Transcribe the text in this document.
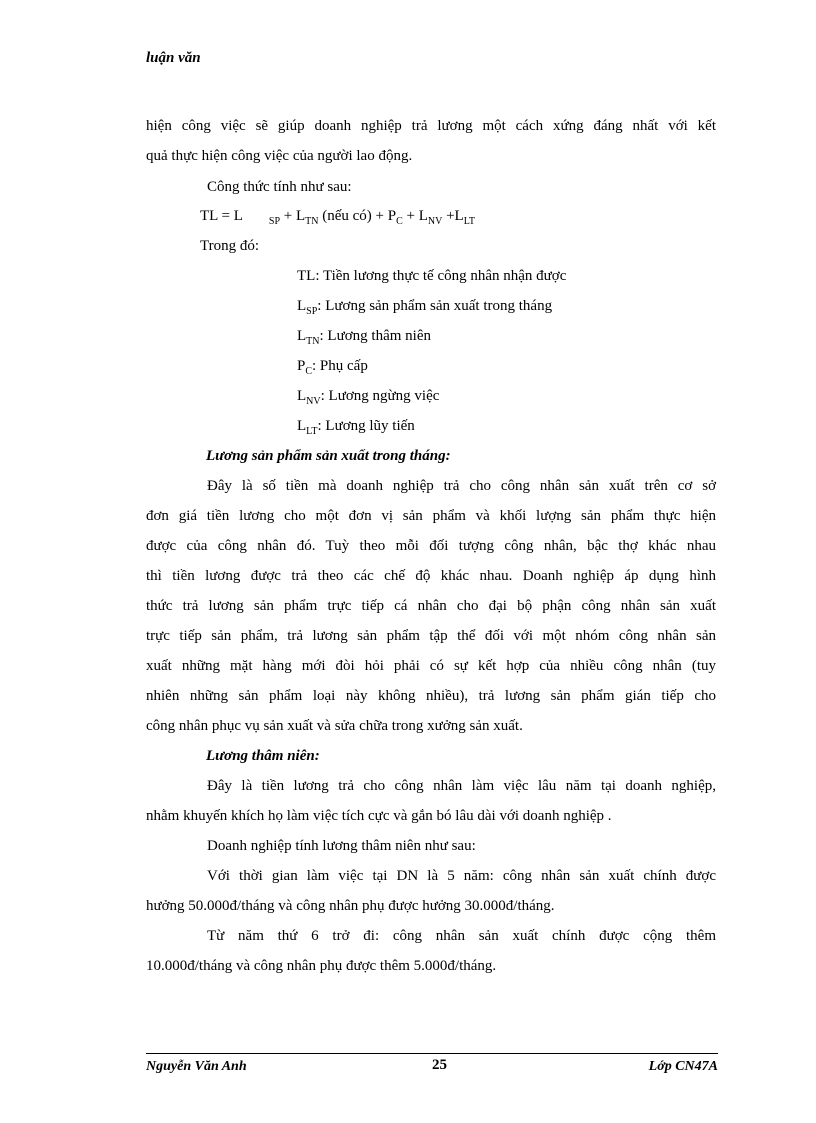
luận văn
hiện công việc sẽ giúp doanh nghiệp trả lương một cách xứng đáng nhất với kết
quả thực hiện công việc của người lao động.
Công thức tính như sau:
TL = L	$_{SP} + L_{TN}$ (nếu có) + $P_C + L_{NV} +L_{LT}$
Trong đó:
TL: Tiền lương thực tế công nhân nhận được
$L_{SP}$: Lương sản phẩm sản xuất trong tháng
$L_{TN}$: Lương thâm niên
$P_C$: Phụ cấp
$L_{NV}$: Lương ngừng việc
$L_{LT}$: Lương lũy tiến
Lương sản phẩm sản xuất trong tháng:
Đây là số tiền mà doanh nghiệp trả cho công nhân sản xuất trên cơ sở
đơn giá tiền lương cho một đơn vị sản phẩm và khối lượng sản phẩm thực hiện
được của công nhân đó. Tuỳ theo mỗi đối tượng công nhân, bậc thợ khác nhau
thì tiền lương được trả theo các chế độ khác nhau. Doanh nghiệp áp dụng hình
thức trả lương sản phẩm trực tiếp cá nhân cho đại bộ phận công nhân sản xuất
trực tiếp sản phẩm, trả lương sản phẩm tập thể đối với một nhóm công nhân sản
xuất những mặt hàng mới đòi hỏi phải có sự kết hợp của nhiều công nhân (tuy
nhiên những sản phẩm loại này không nhiều), trả lương sản phẩm gián tiếp cho
công nhân phục vụ sản xuất và sửa chữa trong xưởng sản xuất.
Lương thâm niên:
Đây là tiền lương trả cho công nhân làm việc lâu năm tại doanh nghiệp,
nhằm khuyến khích họ làm việc tích cực và gắn bó lâu dài với doanh nghiệp .
Doanh nghiệp tính lương thâm niên như sau:
Với thời gian làm việc tại DN là 5 năm: công nhân sản xuất chính được
hưởng 50.000đ/tháng và công nhân phụ được hưởng 30.000đ/tháng.
Từ năm thứ 6 trở đi: công nhân sản xuất chính được cộng thêm
10.000đ/tháng và công nhân phụ được thêm 5.000đ/tháng.
Nguyễn Văn Anh	25	Lớp CN47A
